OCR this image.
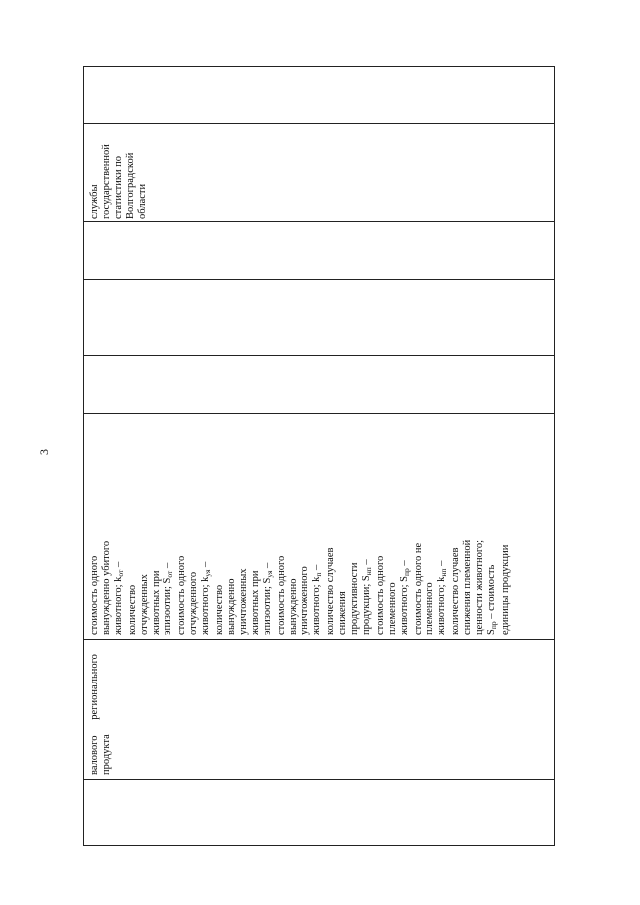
3
службы государственной статистики по Волгоградской области
стоимость одного вынужденно убитого животного; $k_{от}$ –
количество отчужденных животных при эпизоотии; $S_{от}$ – стоимость одного отчужденного животного; $k_{уя}$ –
количество вынужденно уничтоженных животных при эпизоотии; $S_{уя}$ – стоимость одного вынужденно уничтоженного животного; $k_п$ – количество случаев снижения продуктивности продукции; $S_{нп}$ – стоимость одного племенного животного; $S_{пр}$ – стоимость одного не племенного животного; $k_{нп}$ – количество случаев снижения племенной ценности животного; $S_{пр}$ – стоимость единицы продукции
валового      регионального продукта
